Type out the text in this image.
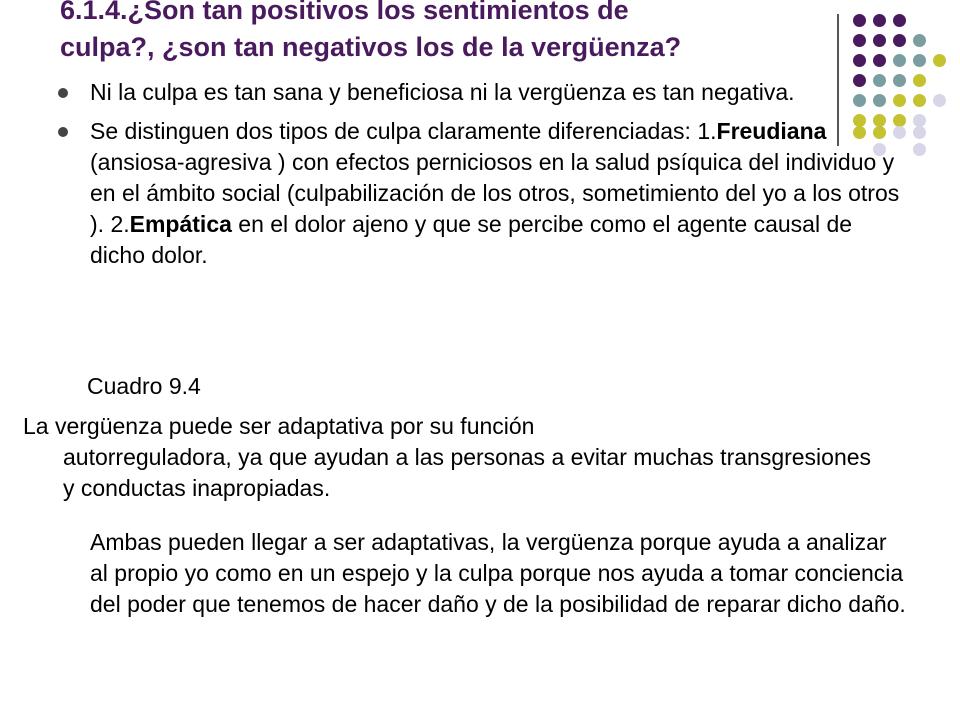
6.1.4.¿Son tan positivos los sentimientos de
culpa?, ¿son tan negativos los de la vergüenza?
Ni la culpa es tan sana y beneficiosa ni la vergüenza es tan negativa.
Se distinguen dos tipos de culpa claramente diferenciadas: 1.Freudiana (ansiosa-agresiva ) con efectos perniciosos en la salud psíquica del individuo y en el ámbito social (culpabilización de los otros, sometimiento del yo a los otros ). 2.Empática en el dolor ajeno y que se percibe como el agente causal de dicho dolor.
Cuadro 9.4
La vergüenza puede ser adaptativa por su función
autorreguladora, ya que ayudan a las personas a evitar muchas transgresiones y conductas inapropiadas.
Ambas pueden llegar a ser adaptativas, la vergüenza porque ayuda a analizar al propio yo como en un espejo y la culpa porque nos ayuda a tomar conciencia del poder que tenemos de hacer daño y de la posibilidad de reparar dicho daño.
